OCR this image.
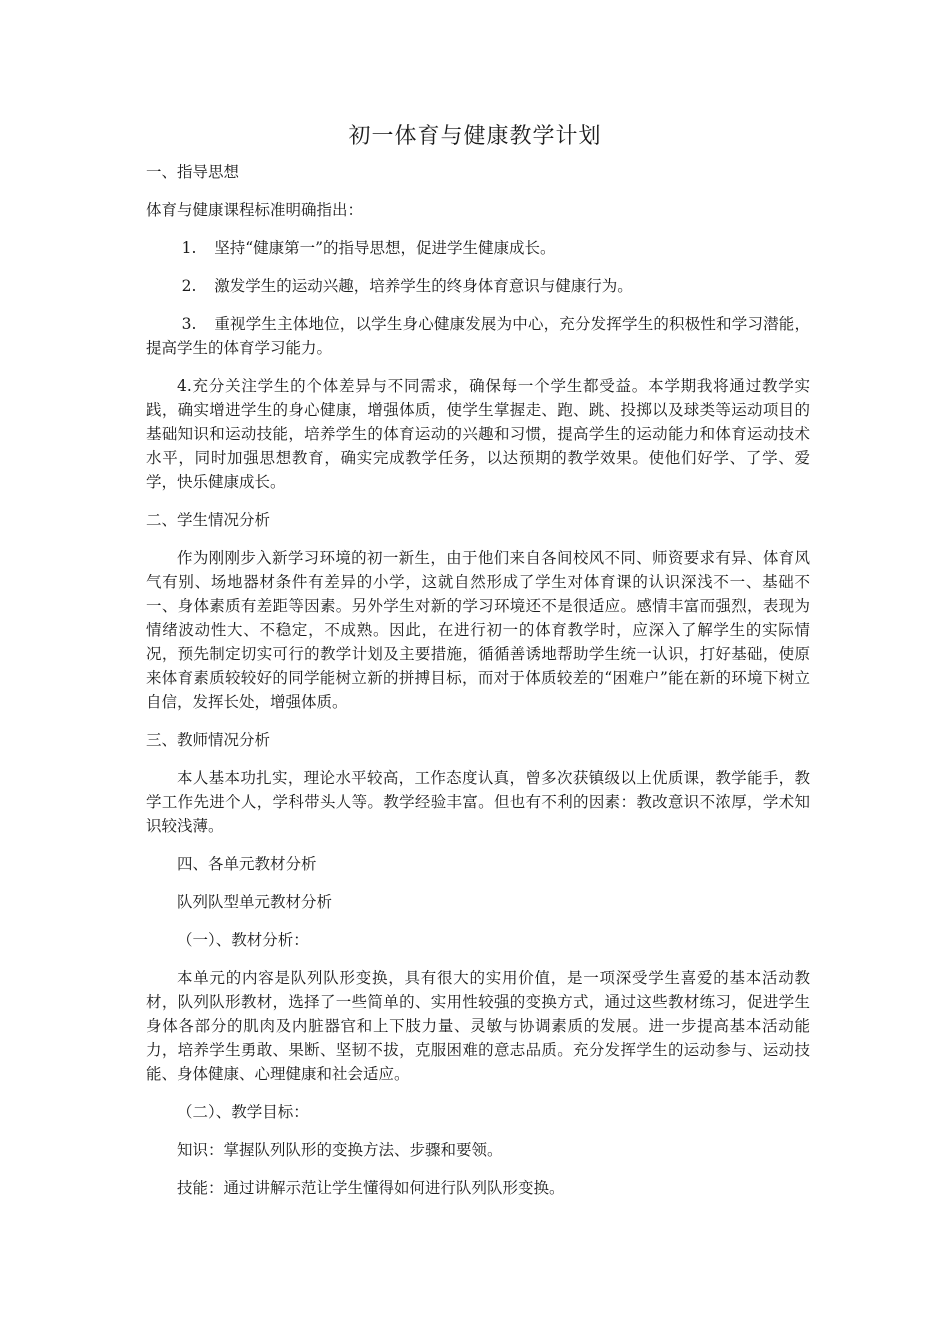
初一体育与健康教学计划

一、指导思想

体育与健康课程标准明确指出：

1. 坚持“健康第一”的指导思想，促进学生健康成长。

2. 激发学生的运动兴趣，培养学生的终身体育意识与健康行为。

3. 重视学生主体地位，以学生身心健康发展为中心，充分发挥学生的积极性和学习潜能，提高学生的体育学习能力。

4.充分关注学生的个体差异与不同需求，确保每一个学生都受益。本学期我将通过教学实践，确实增进学生的身心健康，增强体质，使学生掌握走、跑、跳、投掷以及球类等运动项目的基础知识和运动技能，培养学生的体育运动的兴趣和习惯，提高学生的运动能力和体育运动技术水平，同时加强思想教育，确实完成教学任务，以达预期的教学效果。使他们好学、了学、爱学，快乐健康成长。

二、学生情况分析

作为刚刚步入新学习环境的初一新生，由于他们来自各间校风不同、师资要求有异、体育风气有别、场地器材条件有差异的小学，这就自然形成了学生对体育课的认识深浅不一、基础不一、身体素质有差距等因素。另外学生对新的学习环境还不是很适应。感情丰富而强烈，表现为情绪波动性大、不稳定，不成熟。因此，在进行初一的体育教学时，应深入了解学生的实际情况，预先制定切实可行的教学计划及主要措施，循循善诱地帮助学生统一认识，打好基础，使原来体育素质较较好的同学能树立新的拼搏目标，而对于体质较差的“困难户”能在新的环境下树立自信，发挥长处，增强体质。

三、教师情况分析

本人基本功扎实，理论水平较高，工作态度认真，曾多次获镇级以上优质课，教学能手，教学工作先进个人，学科带头人等。教学经验丰富。但也有不利的因素：教改意识不浓厚，学术知识较浅薄。

四、各单元教材分析

队列队型单元教材分析

（一）、教材分析：

本单元的内容是队列队形变换，具有很大的实用价值，是一项深受学生喜爱的基本活动教材，队列队形教材，选择了一些简单的、实用性较强的变换方式，通过这些教材练习，促进学生身体各部分的肌肉及内脏器官和上下肢力量、灵敏与协调素质的发展。进一步提高基本活动能力，培养学生勇敢、果断、坚韧不拔，克服困难的意志品质。充分发挥学生的运动参与、运动技能、身体健康、心理健康和社会适应。

（二）、教学目标：

知识：掌握队列队形的变换方法、步骤和要领。

技能：通过讲解示范让学生懂得如何进行队列队形变换。
